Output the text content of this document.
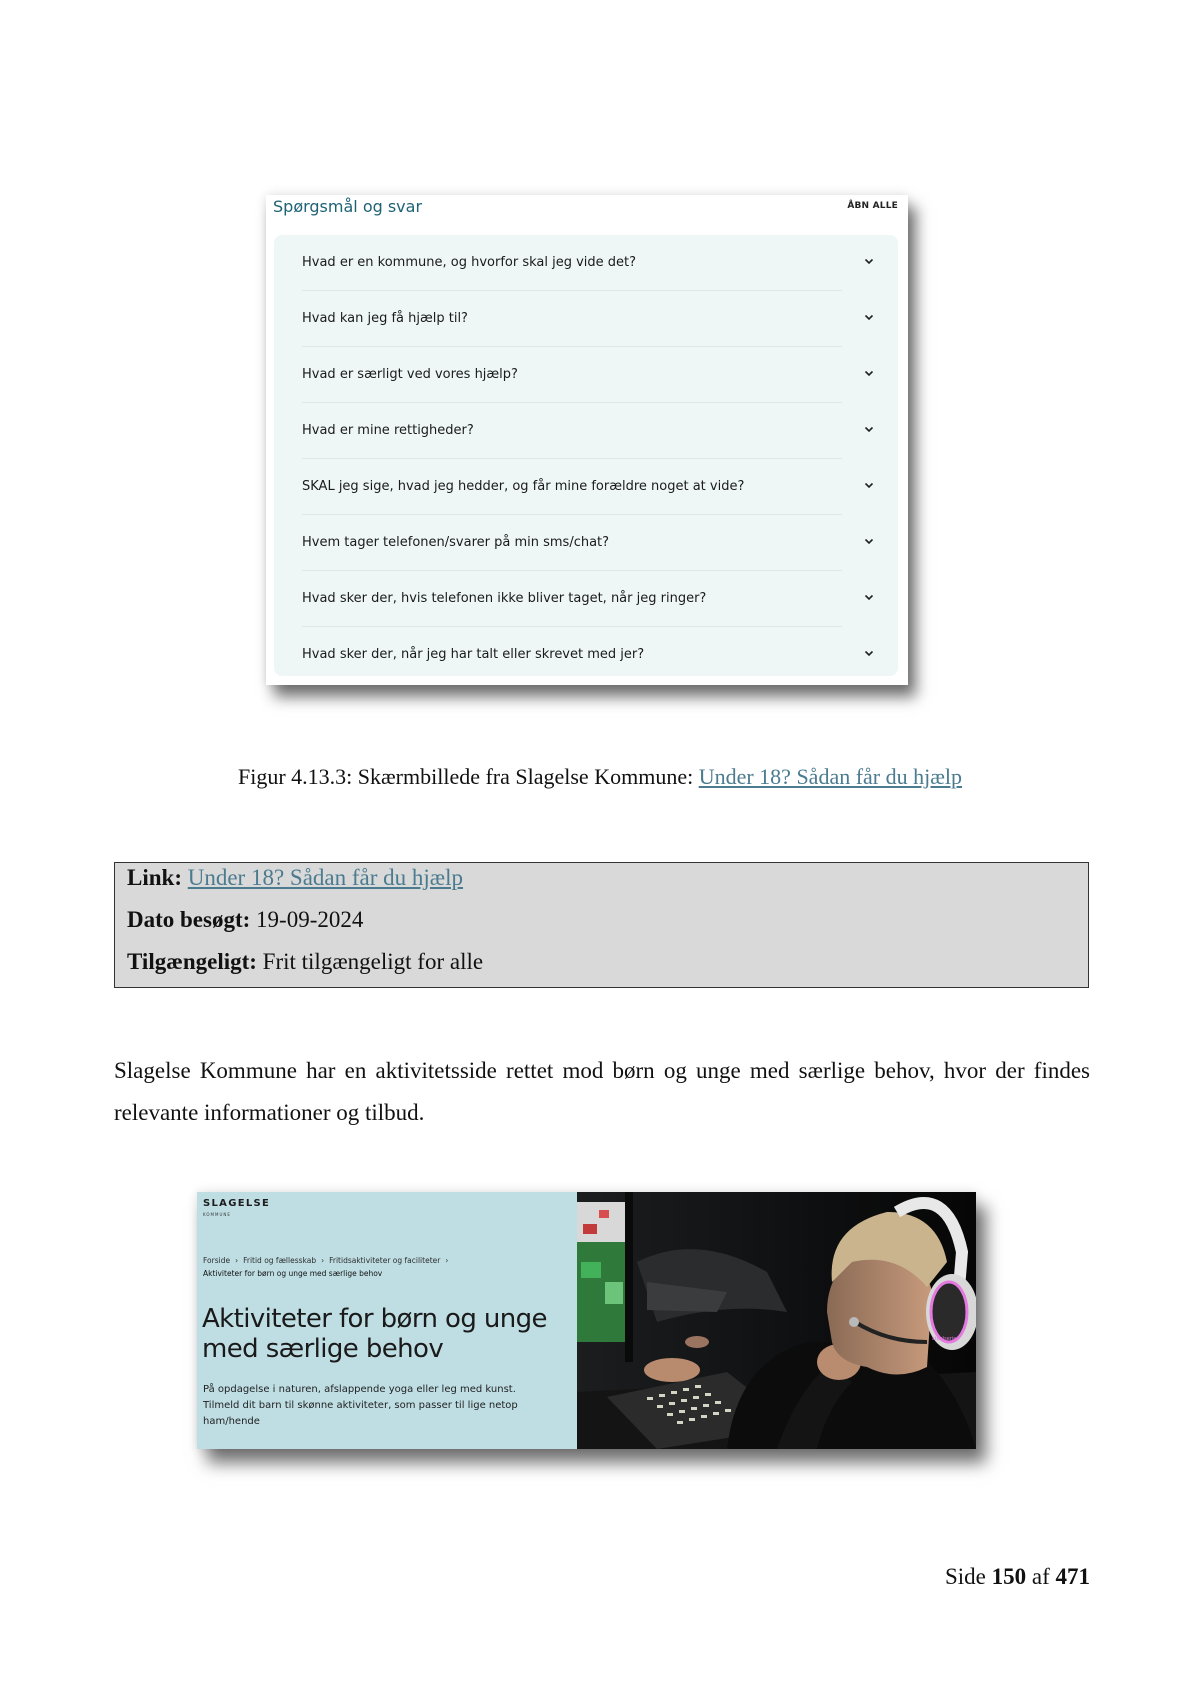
Spørgsmål og svar	ÅBN ALLE
Hvad er en kommune, og hvorfor skal jeg vide det?
Hvad kan jeg få hjælp til?
Hvad er særligt ved vores hjælp?
Hvad er mine rettigheder?
SKAL jeg sige, hvad jeg hedder, og får mine forældre noget at vide?
Hvem tager telefonen/svarer på min sms/chat?
Hvad sker der, hvis telefonen ikke bliver taget, når jeg ringer?
Hvad sker der, når jeg har talt eller skrevet med jer?
Figur 4.13.3: Skærmbillede fra Slagelse Kommune: Under 18? Sådan får du hjælp
Link: Under 18? Sådan får du hjælp
Dato besøgt: 19-09-2024
Tilgængeligt: Frit tilgængeligt for alle
Slagelse Kommune har en aktivitetsside rettet mod børn og unge med særlige behov, hvor der findes relevante informationer og tilbud.
SLAGELSE
KOMMUNE
Forside › Fritid og fællesskab › Fritidsaktiviteter og faciliteter ›
Aktiviteter for børn og unge med særlige behov
Aktiviteter for børn og unge
med særlige behov
På opdagelse i naturen, afslappende yoga eller leg med kunst. Tilmeld dit barn til skønne aktiviteter, som passer til lige netop ham/hende
steelseries
Side 150 af 471
